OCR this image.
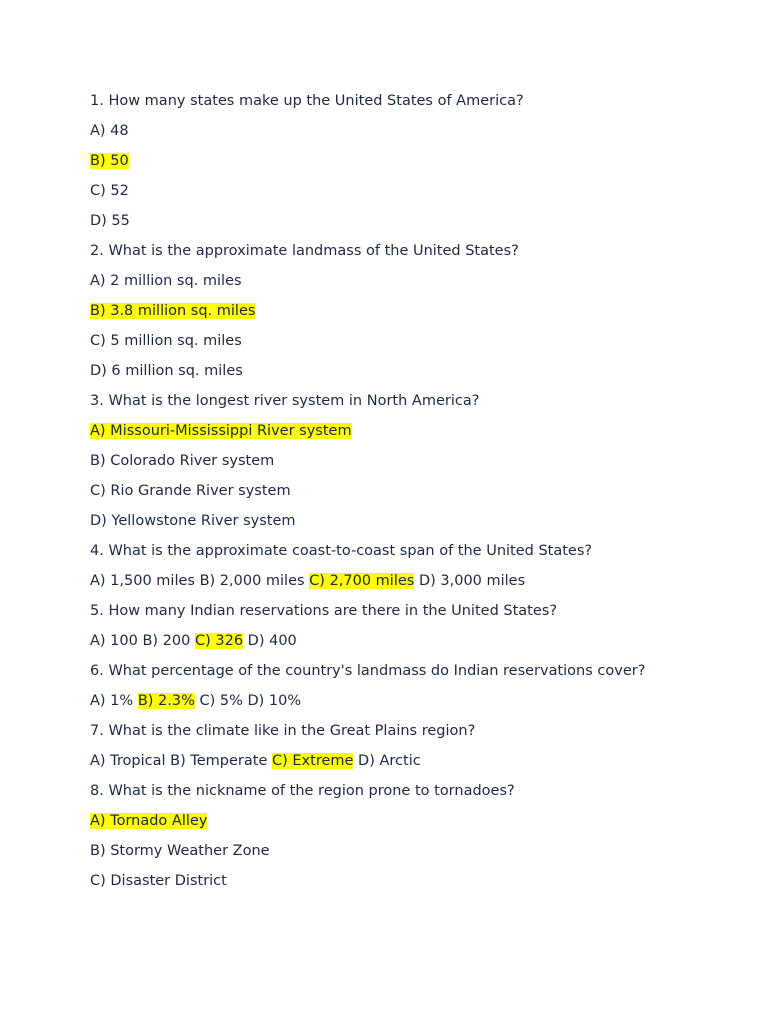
1. How many states make up the United States of America?
A) 48
B) 50
C) 52
D) 55
2. What is the approximate landmass of the United States?
A) 2 million sq. miles
B) 3.8 million sq. miles
C) 5 million sq. miles
D) 6 million sq. miles
3. What is the longest river system in North America?
A) Missouri-Mississippi River system
B) Colorado River system
C) Rio Grande River system
D) Yellowstone River system
4. What is the approximate coast-to-coast span of the United States?
A) 1,500 miles B) 2,000 miles C) 2,700 miles D) 3,000 miles
5. How many Indian reservations are there in the United States?
A) 100 B) 200 C) 326 D) 400
6. What percentage of the country's landmass do Indian reservations cover?
A) 1% B) 2.3% C) 5% D) 10%
7. What is the climate like in the Great Plains region?
A) Tropical B) Temperate C) Extreme D) Arctic
8. What is the nickname of the region prone to tornadoes?
A) Tornado Alley
B) Stormy Weather Zone
C) Disaster District
